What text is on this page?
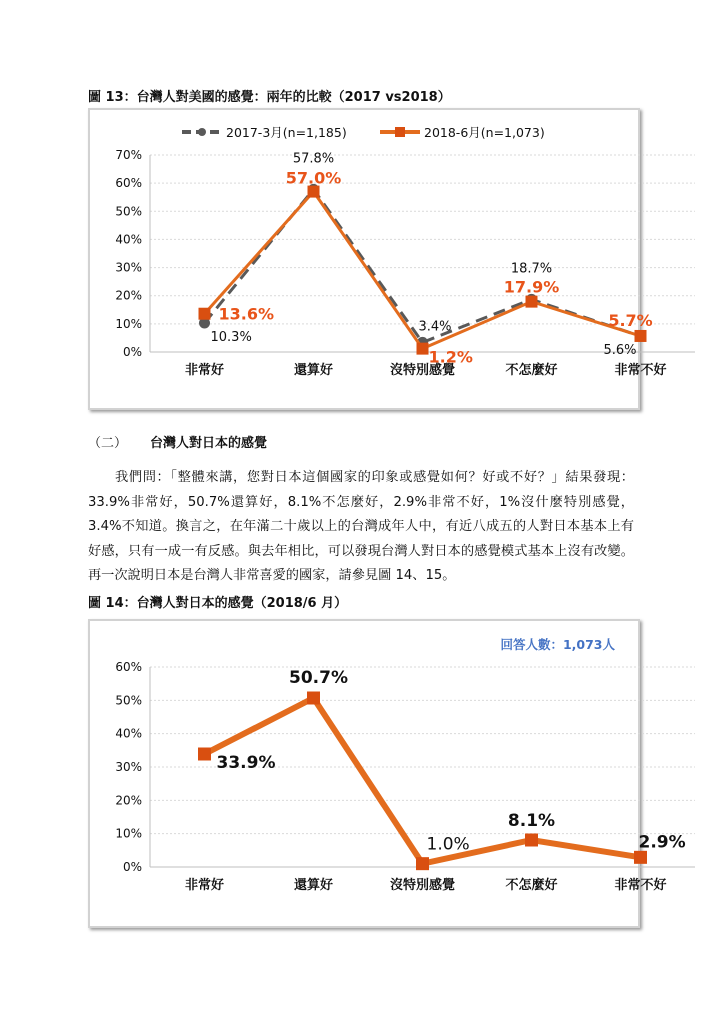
圖 13：台灣人對美國的感覺：兩年的比較（2017 vs2018）
0%
10%
20%
30%
40%
50%
60%
70%
非常好	還算好	沒特別感覺	不怎麼好	非常不好
10.3%
57.8%
3.4%
18.7%
5.6%
13.6%
57.0%
1.2%
17.9%
5.7%
2017-3月(n=1,185)	2018-6月(n=1,073)
（二） 台灣人對日本的感覺
我們問：「整體來講，您對日本這個國家的印象或感覺如何？好或不好？」結果發現：33.9%非常好，50.7%還算好，8.1%不怎麼好，2.9%非常不好，1%沒什麼特別感覺，3.4%不知道。換言之，在年滿二十歲以上的台灣成年人中，有近八成五的人對日本基本上有好感，只有一成一有反感。與去年相比，可以發現台灣人對日本的感覺模式基本上沒有改變。再一次說明日本是台灣人非常喜愛的國家，請參見圖 14、15。
圖 14：台灣人對日本的感覺（2018/6 月）
0%
10%
20%
30%
40%
50%
60%
非常好	還算好	沒特別感覺	不怎麼好	非常不好
33.9%
50.7%
1.0%
8.1%
2.9%
回答人數：1,073人
